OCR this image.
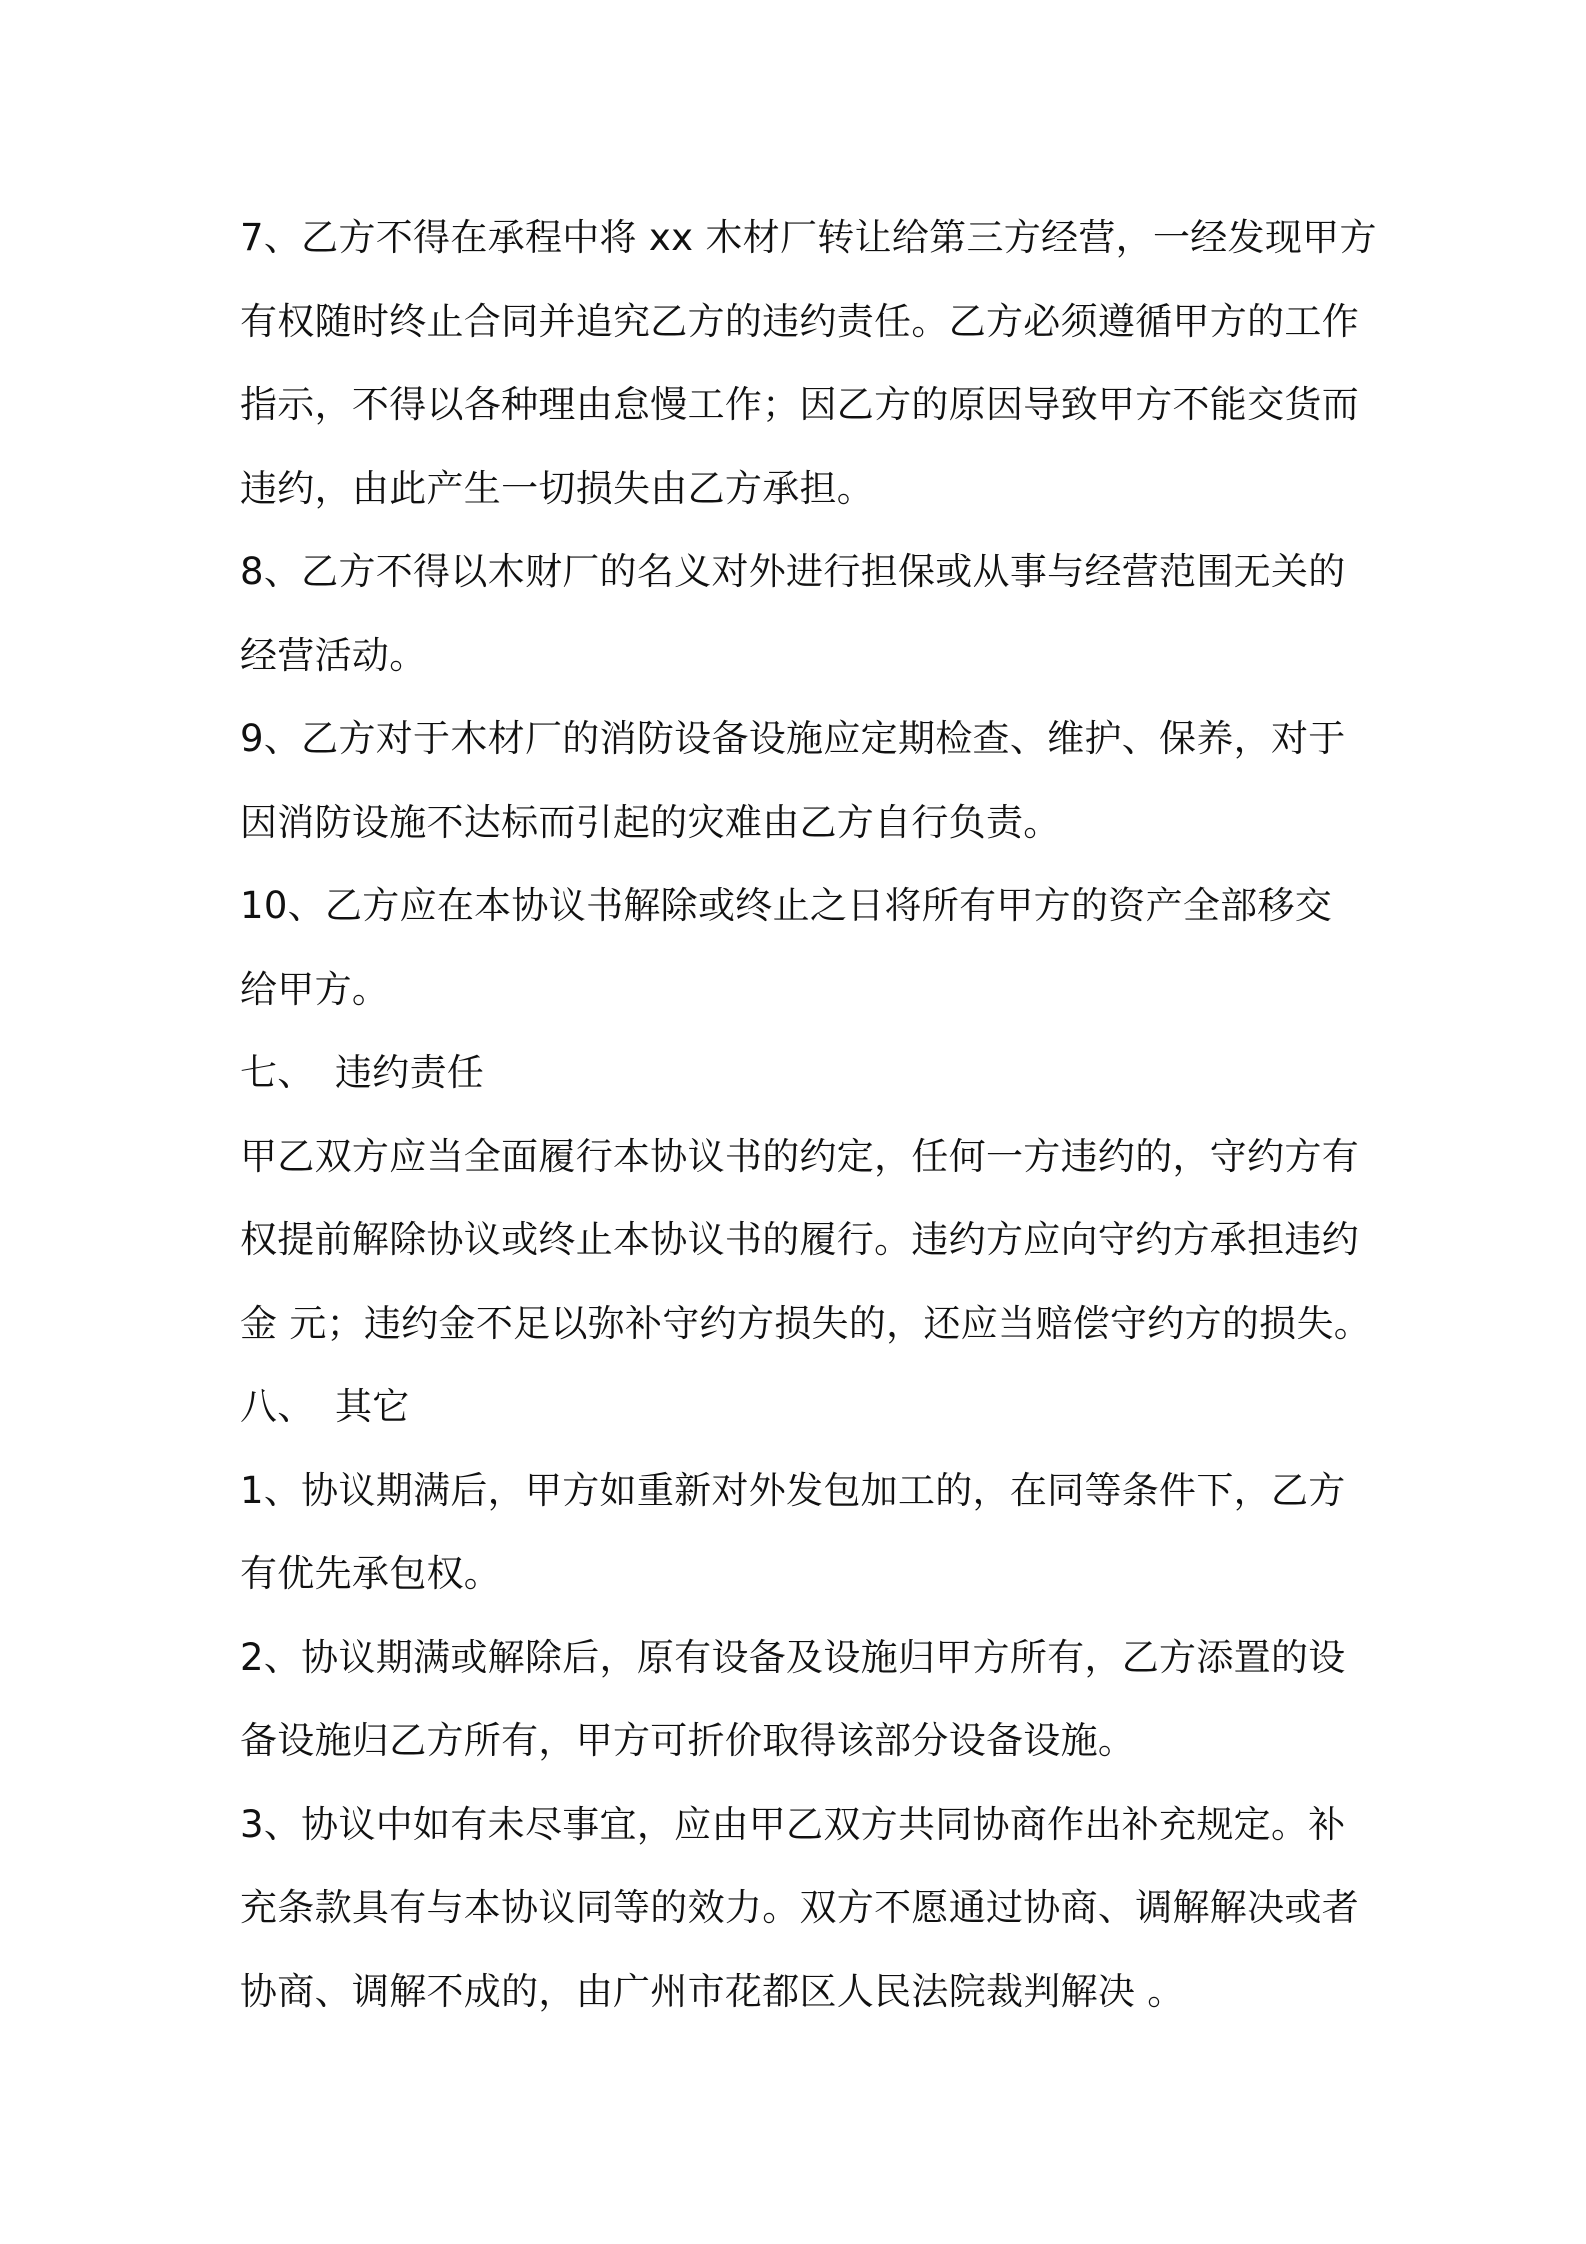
7、乙方不得在承程中将 xx 木材厂转让给第三方经营，一经发现甲方
有权随时终止合同并追究乙方的违约责任。乙方必须遵循甲方的工作
指示，不得以各种理由怠慢工作；因乙方的原因导致甲方不能交货而
违约，由此产生一切损失由乙方承担。

8、乙方不得以木财厂的名义对外进行担保或从事与经营范围无关的
经营活动。

9、乙方对于木材厂的消防设备设施应定期检查、维护、保养，对于
因消防设施不达标而引起的灾难由乙方自行负责。

10、乙方应在本协议书解除或终止之日将所有甲方的资产全部移交
给甲方。

七、 违约责任

甲乙双方应当全面履行本协议书的约定，任何一方违约的，守约方有
权提前解除协议或终止本协议书的履行。违约方应向守约方承担违约
金 元；违约金不足以弥补守约方损失的，还应当赔偿守约方的损失。

八、 其它

1、协议期满后，甲方如重新对外发包加工的，在同等条件下，乙方
有优先承包权。

2、协议期满或解除后，原有设备及设施归甲方所有，乙方添置的设
备设施归乙方所有，甲方可折价取得该部分设备设施。

3、协议中如有未尽事宜，应由甲乙双方共同协商作出补充规定。补
充条款具有与本协议同等的效力。双方不愿通过协商、调解解决或者
协商、调解不成的，由广州市花都区人民法院裁判解决 。
